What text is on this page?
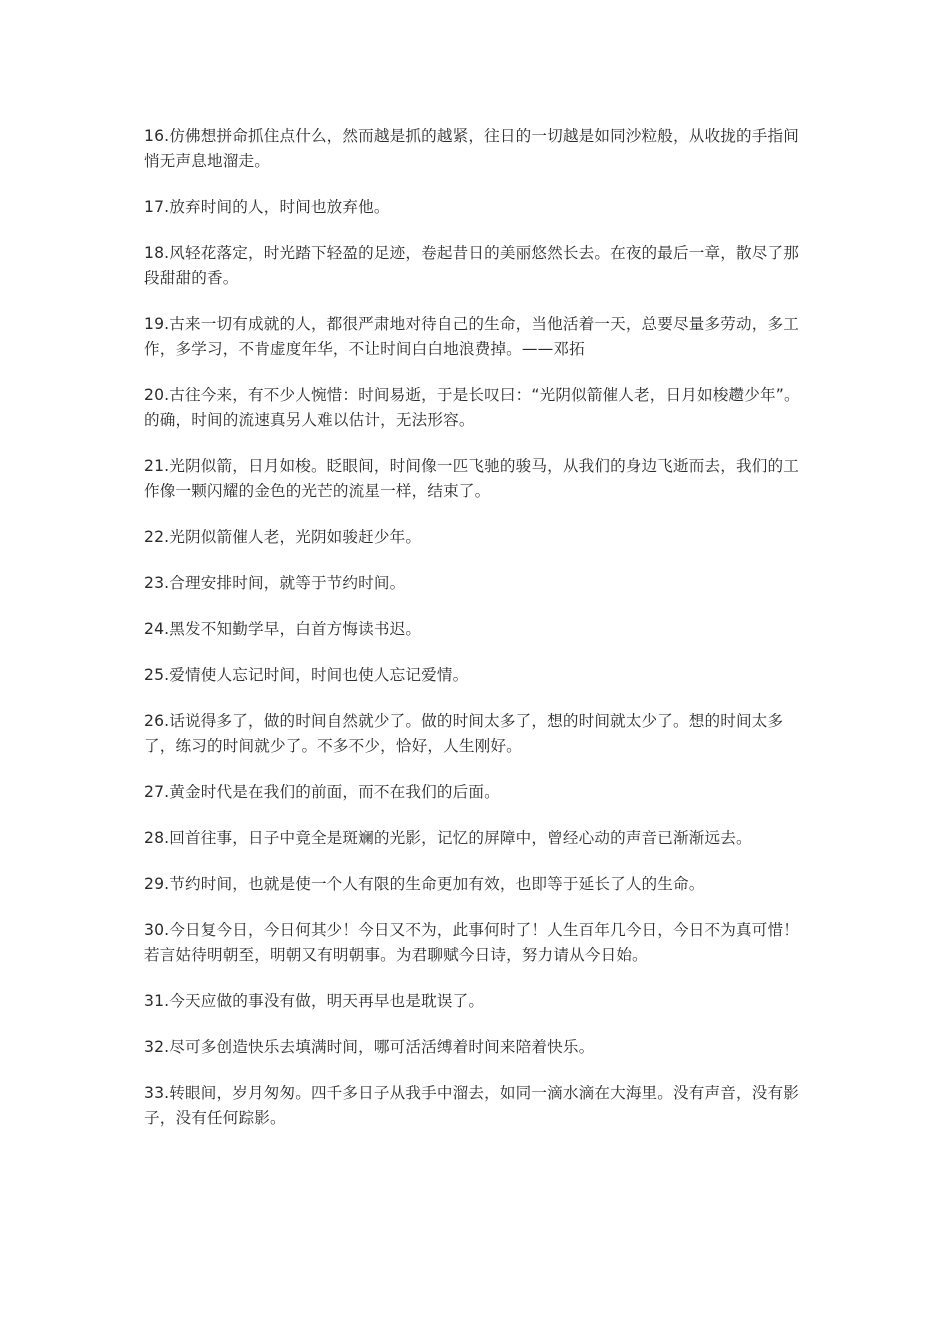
16.仿佛想拼命抓住点什么，然而越是抓的越紧，往日的一切越是如同沙粒般，从收拢的手指间悄无声息地溜走。

17.放弃时间的人，时间也放弃他。

18.风轻花落定，时光踏下轻盈的足迹，卷起昔日的美丽悠然长去。在夜的最后一章，散尽了那段甜甜的香。

19.古来一切有成就的人，都很严肃地对待自己的生命，当他活着一天，总要尽量多劳动，多工作，多学习，不肯虚度年华，不让时间白白地浪费掉。——邓拓

20.古往今来，有不少人惋惜：时间易逝，于是长叹曰：“光阴似箭催人老，日月如梭趱少年”。的确，时间的流速真另人难以估计，无法形容。

21.光阴似箭，日月如梭。眨眼间，时间像一匹飞驰的骏马，从我们的身边飞逝而去，我们的工作像一颗闪耀的金色的光芒的流星一样，结束了。

22.光阴似箭催人老，光阴如骏赶少年。

23.合理安排时间，就等于节约时间。

24.黑发不知勤学早，白首方悔读书迟。

25.爱情使人忘记时间，时间也使人忘记爱情。

26.话说得多了，做的时间自然就少了。做的时间太多了，想的时间就太少了。想的时间太多了，练习的时间就少了。不多不少，恰好，人生刚好。

27.黄金时代是在我们的前面，而不在我们的后面。

28.回首往事，日子中竟全是斑斓的光影，记忆的屏障中，曾经心动的声音已渐渐远去。

29.节约时间，也就是使一个人有限的生命更加有效，也即等于延长了人的生命。

30.今日复今日，今日何其少！今日又不为，此事何时了！人生百年几今日，今日不为真可惜！若言姑待明朝至，明朝又有明朝事。为君聊赋今日诗，努力请从今日始。

31.今天应做的事没有做，明天再早也是耽误了。

32.尽可多创造快乐去填满时间，哪可活活缚着时间来陪着快乐。

33.转眼间，岁月匆匆。四千多日子从我手中溜去，如同一滴水滴在大海里。没有声音，没有影子，没有任何踪影。
